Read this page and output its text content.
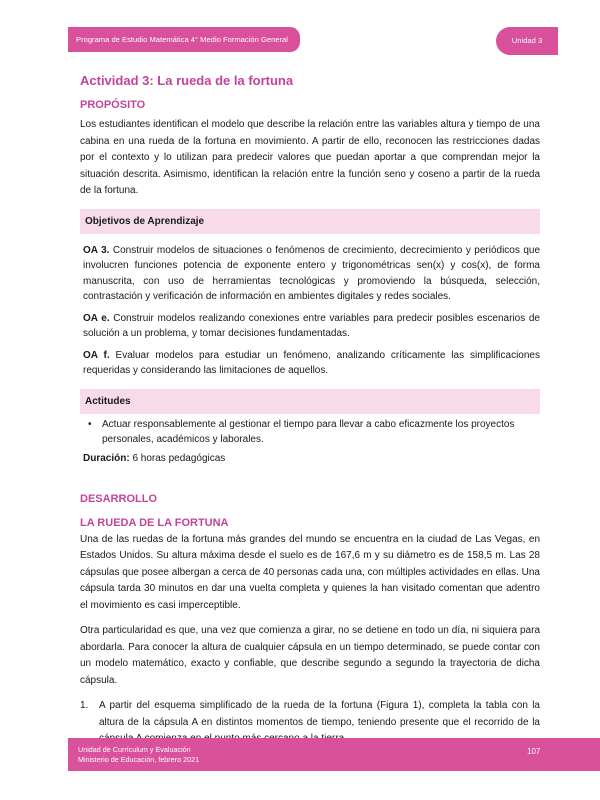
Programa de Estudio Matemática 4° Medio Formación General	Unidad 3
Actividad 3: La rueda de la fortuna
PROPÓSITO

Los estudiantes identifican el modelo que describe la relación entre las variables altura y tiempo de una cabina en una rueda de la fortuna en movimiento. A partir de ello, reconocen las restricciones dadas por el contexto y lo utilizan para predecir valores que puedan aportar a que comprendan mejor la situación descrita. Asimismo, identifican la relación entre la función seno y coseno a partir de la rueda de la fortuna.

Objetivos de Aprendizaje

OA 3. Construir modelos de situaciones o fenómenos de crecimiento, decrecimiento y periódicos que involucren funciones potencia de exponente entero y trigonométricas sen(x) y cos(x), de forma manuscrita, con uso de herramientas tecnológicas y promoviendo la búsqueda, selección, contrastación y verificación de información en ambientes digitales y redes sociales.

OA e. Construir modelos realizando conexiones entre variables para predecir posibles escenarios de solución a un problema, y tomar decisiones fundamentadas.

OA f. Evaluar modelos para estudiar un fenómeno, analizando críticamente las simplificaciones requeridas y considerando las limitaciones de aquellos.

Actitudes
•	Actuar responsablemente al gestionar el tiempo para llevar a cabo eficazmente los proyectos personales, académicos y laborales.

Duración: 6 horas pedagógicas

DESARROLLO
LA RUEDA DE LA FORTUNA

Una de las ruedas de la fortuna más grandes del mundo se encuentra en la ciudad de Las Vegas, en Estados Unidos. Su altura máxima desde el suelo es de 167,6 m y su diámetro es de 158,5 m. Las 28 cápsulas que posee albergan a cerca de 40 personas cada una, con múltiples actividades en ellas. Una cápsula tarda 30 minutos en dar una vuelta completa y quienes la han visitado comentan que adentro el movimiento es casi imperceptible.

Otra particularidad es que, una vez que comienza a girar, no se detiene en todo un día, ni siquiera para abordarla. Para conocer la altura de cualquier cápsula en un tiempo determinado, se puede contar con un modelo matemático, exacto y confiable, que describe segundo a segundo la trayectoria de dicha cápsula.

1.	A partir del esquema simplificado de la rueda de la fortuna (Figura 1), completa la tabla con la altura de la cápsula A en distintos momentos de tiempo, teniendo presente que el recorrido de la
Unidad de Currículum y Evaluación
Ministerio de Educación, febrero 2021
107
